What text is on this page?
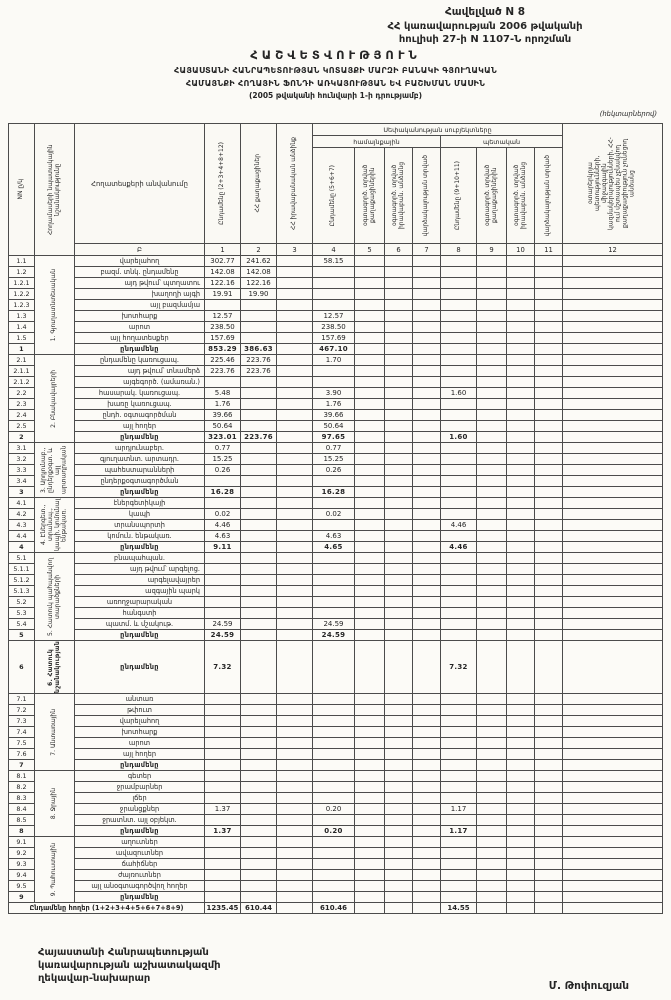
Հավելված N 8
ՀՀ կառավարության 2006 թվականի
հուլիսի 27-ի N 1107-Ն որոշման
ՀԱՇՎԵՏՎՈՒԹՅՈՒՆ
ՀԱՅԱՍՏԱՆԻ ՀԱՆՐԱՊԵՏՈՒԹՅԱՆ ԿՈՏԱՅՔԻ ՄԱՐԶԻ ԲԱՆԱԿԻ ԳՅՈՒՂԱԿԱՆ
ՀԱՄԱՅՆՔԻ ՀՈՂԱՅԻՆ ՖՈՆԴԻ ԱՌԿԱՅՈՒԹՅԱՆ ԵՎ ԲԱՇԽՄԱՆ ՄԱՍԻՆ
(2005 թվականի հունվարի 1-ի դրությամբ)
(հեկտարներով)
NN ը/կ	Հողամասերի նպատակային նշանակությունը	Հողատեսքերի անվանումը	Ընդամենը (2+3+4+8+12)	ՀՀ քաղաքացիներ	ՀՀ իրավաբանական անձինք	Սեփականության սուբյեկտները								օտարերկրյա պետությունների, միջազգային կազմակերպությունների, ՀՀ-ում մշտապես չբնակվող քաղաքացիություն չունեցող անձանց

						համայնքային				պետական				

						Ընդամենը (5+6+7)	օգտագործ. տրված քաղաքացիներին	օգտագործ. տրված իրավաբան. անձանց	վարձակալության տրված	Ընդամենը (9+10+11)	օգտագործ. տրված քաղաքացիներին	օգտագործ. տրված իրավաբան. անձանց	վարձակալության տրված	

		Բ	1	2	3	4	5	6	7	8	9	10	11	12
1.1	1. Գյուղատնտեսական	վարելահող	302.77	241.62		58.15								
1.2		բազմ. տնկ. ընդամենը	142.08	142.08										
1.2.1		այդ թվում՝ պտղատու	122.16	122.16										
1.2.2		խաղողի այգի	19.91	19.90										
1.2.3		այլ բազմամյա												
1.3		խոտհարք	12.57			12.57								
1.4		արոտ	238.50			238.50								
1.5		այլ հողատեսքեր	157.69			157.69								
1		ընդամենը	853.29	386.63		467.10								
2.1	2. Բնակավայրերի	ընդամենը կառուցապ.	225.46	223.76		1.70								
2.1.1		այդ թվում՝ տնամերձ	223.76	223.76										
2.1.2		այգեգործ. (ամառան.)												
2.2		հասարակ. կառուցապ.	5.48			3.90				1.60				
2.3		խառը կառուցապ.	1.76			1.76								
2.4		ընդհ. օգտագործման	39.66			39.66								
2.5		այլ հողեր	50.64			50.64								
2		ընդամենը	323.01	223.76		97.65				1.60				
3.1	3. Արդյունաբ., ընդերքօգտ. և այլ արտադրական	արդյունաբեր.	0.77			0.77								
3.2		գյուղատնտ. արտադր.	15.25			15.25								
3.3		պահեստարանների	0.26			0.26								
3.4		ընդերքօգտագործման												
3		ընդամենը	16.28			16.28								
4.1	4. Էներգետ., տրանսպ., կապի, կոմունալ ենթակառ.	էներգետիկայի												
4.2		կապի	0.02			0.02								
4.3		տրանսպորտի	4.46							4.46				
4.4		կոմուն. ենթակառ.	4.63			4.63								
4		ընդամենը	9.11			4.65				4.46				
5.1	5. Հատուկ պահպանվող տարածքների	բնապահպան.												
5.1.1		այդ թվում՝ արգելոց.												
5.1.2		արգելավայրեր												
5.1.3		ազգային պարկ												
5.2		առողջարարական												
5.3		հանգստի												
5.4		պատմ. և մշակութ.	24.59			24.59								
5		ընդամենը	24.59			24.59								
6	6. Հատուկ նշանակության	ընդամենը	7.32							7.32				
7.1	7. Անտառային	անտառ												
7.2		թփուտ												
7.3		վարելահող												
7.4		խոտհարք												
7.5		արոտ												
7.6		այլ հողեր												
7		ընդամենը												
8.1	8. Ջրային	գետեր												
8.2		ջրամբարներ												
8.3		լճեր												
8.4		ջրանցքներ	1.37			0.20				1.17				
8.5		ջրատնտ. այլ օբյեկտ.												
8		ընդամենը	1.37			0.20				1.17				
9.1	9. Պահուստային	աղուտներ												
9.2		ավազուտներ												
9.3		ճահիճներ												
9.4		ժայռուտներ												
9.5		այլ անօգտագործվող հողեր												
9		ընդամենը												
Ընդամենը հողեր (1+2+3+4+5+6+7+8+9)			1235.45	610.44		610.46				14.55				
Հայաստանի Հանրապետության
կառավարության աշխատակազմի
ղեկավար-նախարար
Մ. Թոփուզյան
